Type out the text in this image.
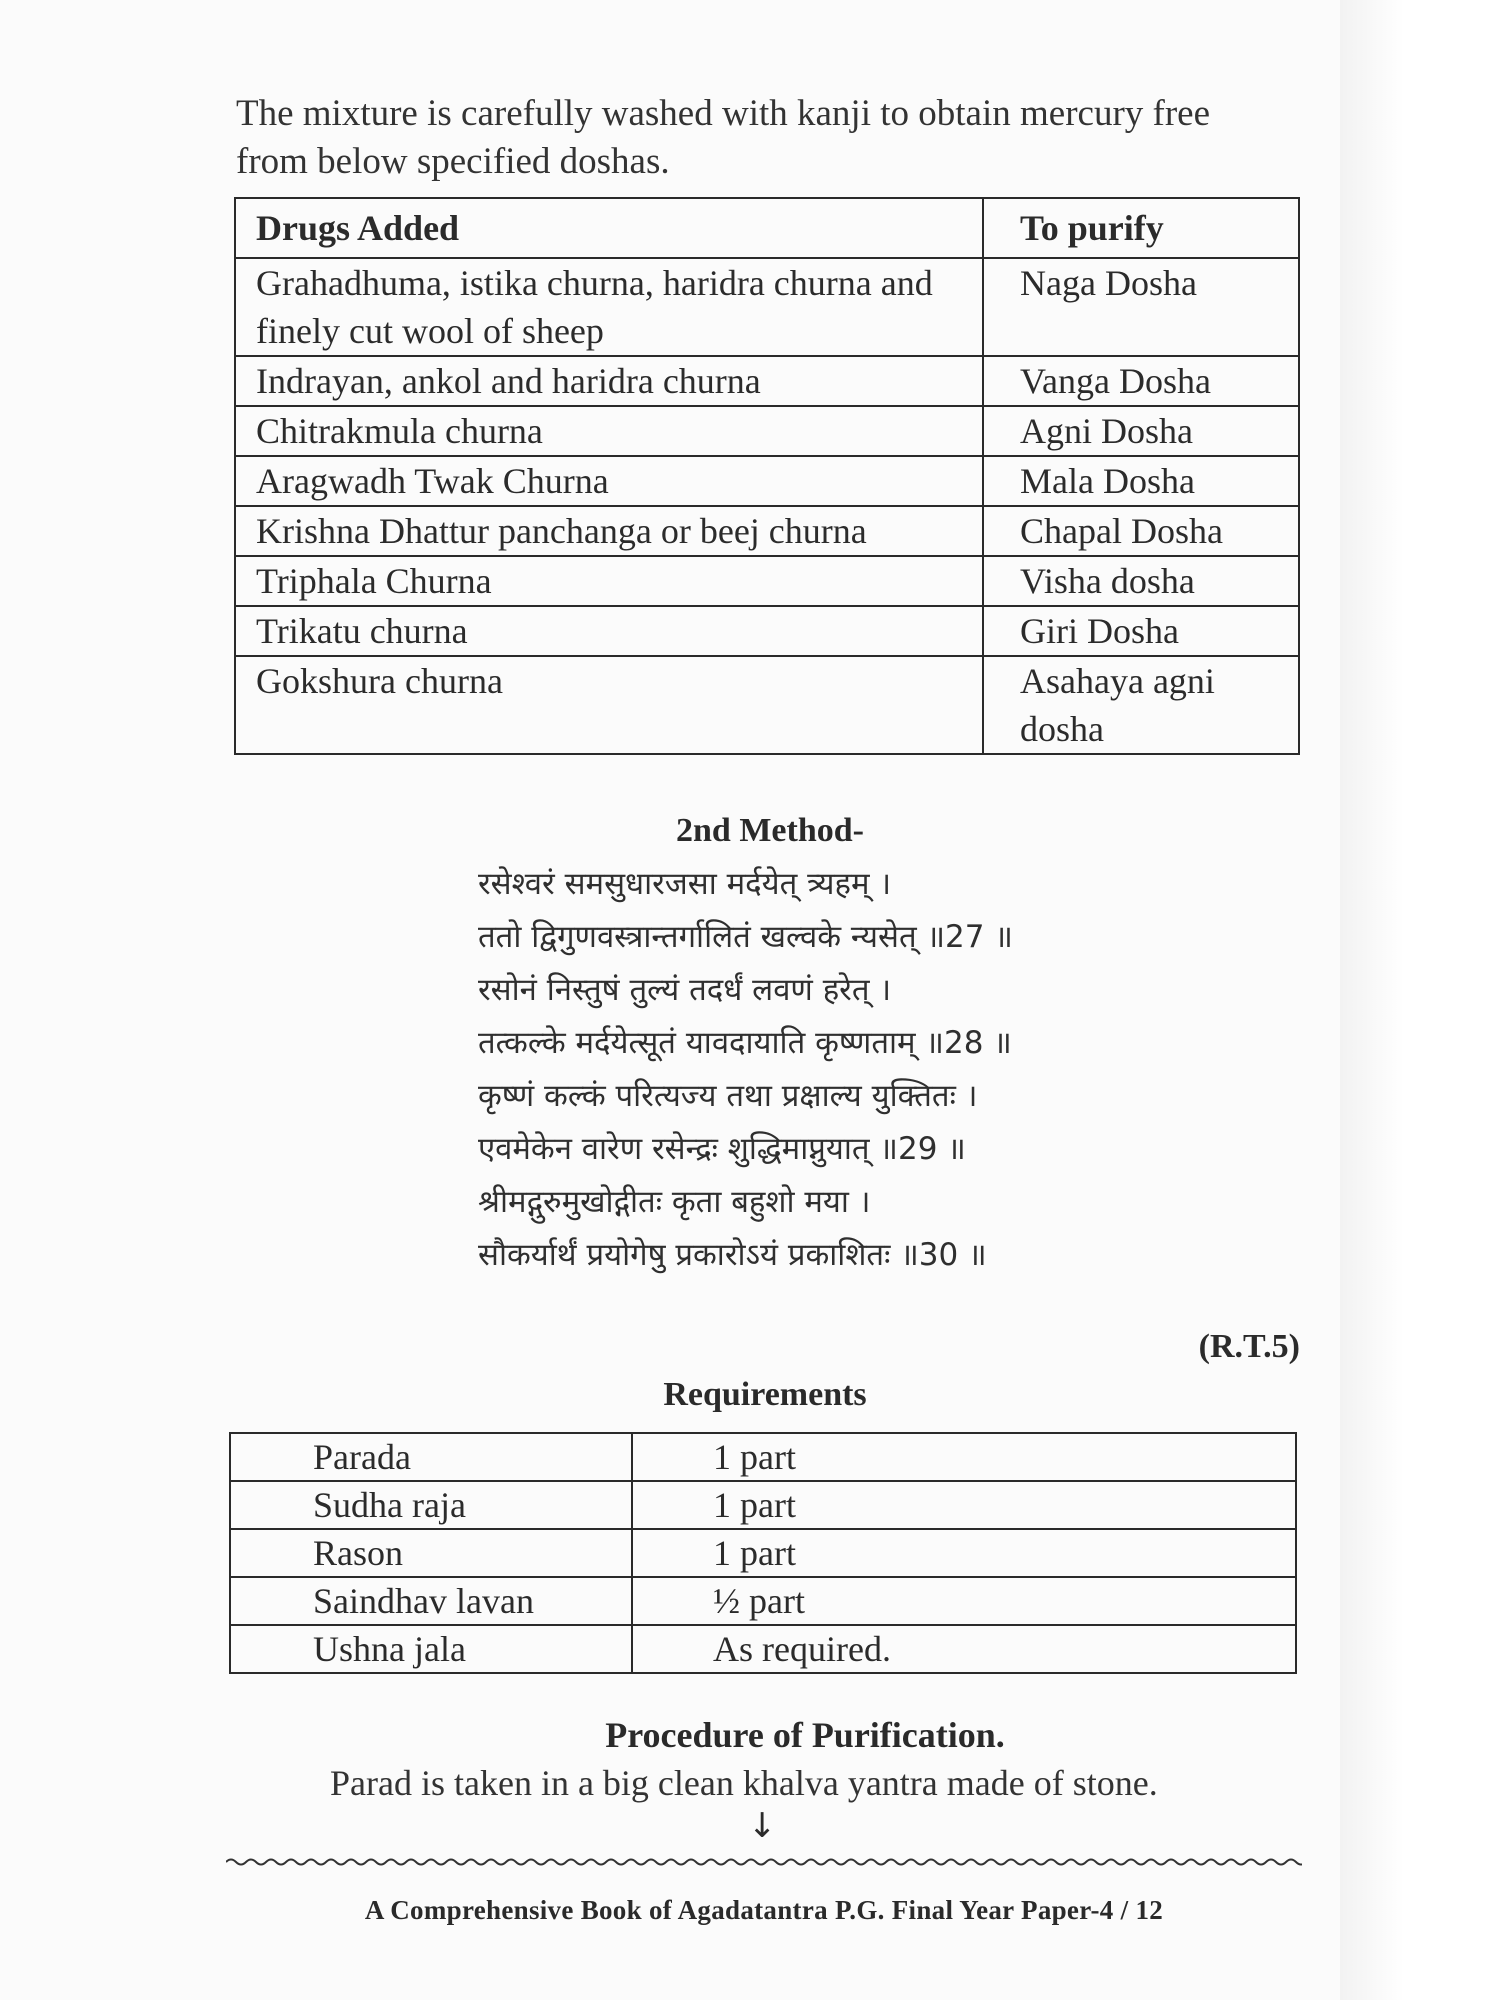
The mixture is carefully washed with kanji to obtain mercury free
from below specified doshas.
Drugs Added	To purify
Grahadhuma, istika churna, haridra churna and finely cut wool of sheep	Naga Dosha
Indrayan, ankol and haridra churna	Vanga Dosha
Chitrakmula churna	Agni Dosha
Aragwadh Twak Churna	Mala Dosha
Krishna Dhattur panchanga or beej churna	Chapal Dosha
Triphala Churna	Visha dosha
Trikatu churna	Giri Dosha
Gokshura churna	Asahaya agni dosha
2nd Method-
रसेश्वरं समसुधारजसा मर्दयेत् त्र्यहम् ।
ततो द्विगुणवस्त्रान्तर्गालितं खल्वके न्यसेत् ॥27 ॥
रसोनं निस्तुषं तुल्यं तदर्धं लवणं हरेत् ।
तत्कल्के मर्दयेत्सूतं यावदायाति कृष्णताम् ॥28 ॥
कृष्णं कल्कं परित्यज्य तथा प्रक्षाल्य युक्तितः ।
एवमेकेन वारेण रसेन्द्रः शुद्धिमाप्नुयात् ॥29 ॥
श्रीमद्गुरुमुखोद्गीतः कृता बहुशो मया ।
सौकर्यार्थं प्रयोगेषु प्रकारोऽयं प्रकाशितः ॥30 ॥
(R.T.5)
Requirements
Parada	1 part
Sudha raja	1 part
Rason	1 part
Saindhav lavan	½ part
Ushna jala	As required.
Procedure of Purification.
Parad is taken in a big clean khalva yantra made of stone.
↓
A Comprehensive Book of Agadatantra P.G. Final Year Paper-4 / 12
